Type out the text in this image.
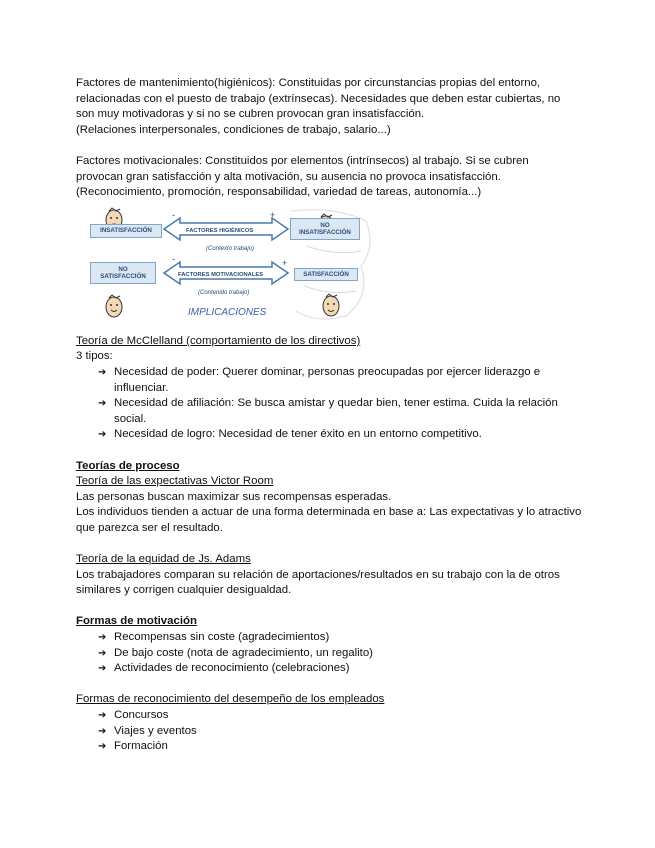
Factores de mantenimiento(higiénicos): Constituidas por circunstancias propias del entorno,

relacionadas con el puesto de trabajo (extrínsecas). Necesidades que deben estar cubiertas, no

son muy motivadoras y si no se cubren provocan gran insatisfacción.

(Relaciones interpersonales, condiciones de trabajo, salario...)

Factores motivacionales: Constituidos por elementos (intrínsecos) al trabajo. Si se cubren

provocan gran satisfacción y alta motivación, su ausencia no provoca insatisfacción.

(Reconocimiento, promoción, responsabilidad, variedad de tareas, autonomía...)

INSATISFACCIÓN
NO INSATISFACCIÓN
NO SATISFACCIÓN	SATISFACCIÓN
FACTORES HIGIÉNICOS
FACTORES MOTIVACIONALES
(Contexto trabajo)
(Contenido trabajo)
IMPLICACIONES
-	+
-	+

Teoría de McClelland (comportamiento de los directivos)

3 tipos:

➔ Necesidad de poder: Querer dominar, personas preocupadas por ejercer liderazgo e influenciar.
➔ Necesidad de afiliación: Se busca amistar y quedar bien, tener estima. Cuida la relación social.
➔ Necesidad de logro: Necesidad de tener éxito en un entorno competitivo.

Teorías de proceso

Teoría de las expectativas Victor Room

Las personas buscan maximizar sus recompensas esperadas.

Los individuos tienden a actuar de una forma determinada en base a: Las expectativas y lo atractivo que parezca ser el resultado.

Teoría de la equidad de Js. Adams

Los trabajadores comparan su relación de aportaciones/resultados en su trabajo con la de otros similares y corrigen cualquier desigualdad.

Formas de motivación

➔ Recompensas sin coste (agradecimientos)
➔ De bajo coste (nota de agradecimiento, un regalito)
➔ Actividades de reconocimiento (celebraciones)

Formas de reconocimiento del desempeño de los empleados

➔ Concursos
➔ Viajes y eventos
➔ Formación
